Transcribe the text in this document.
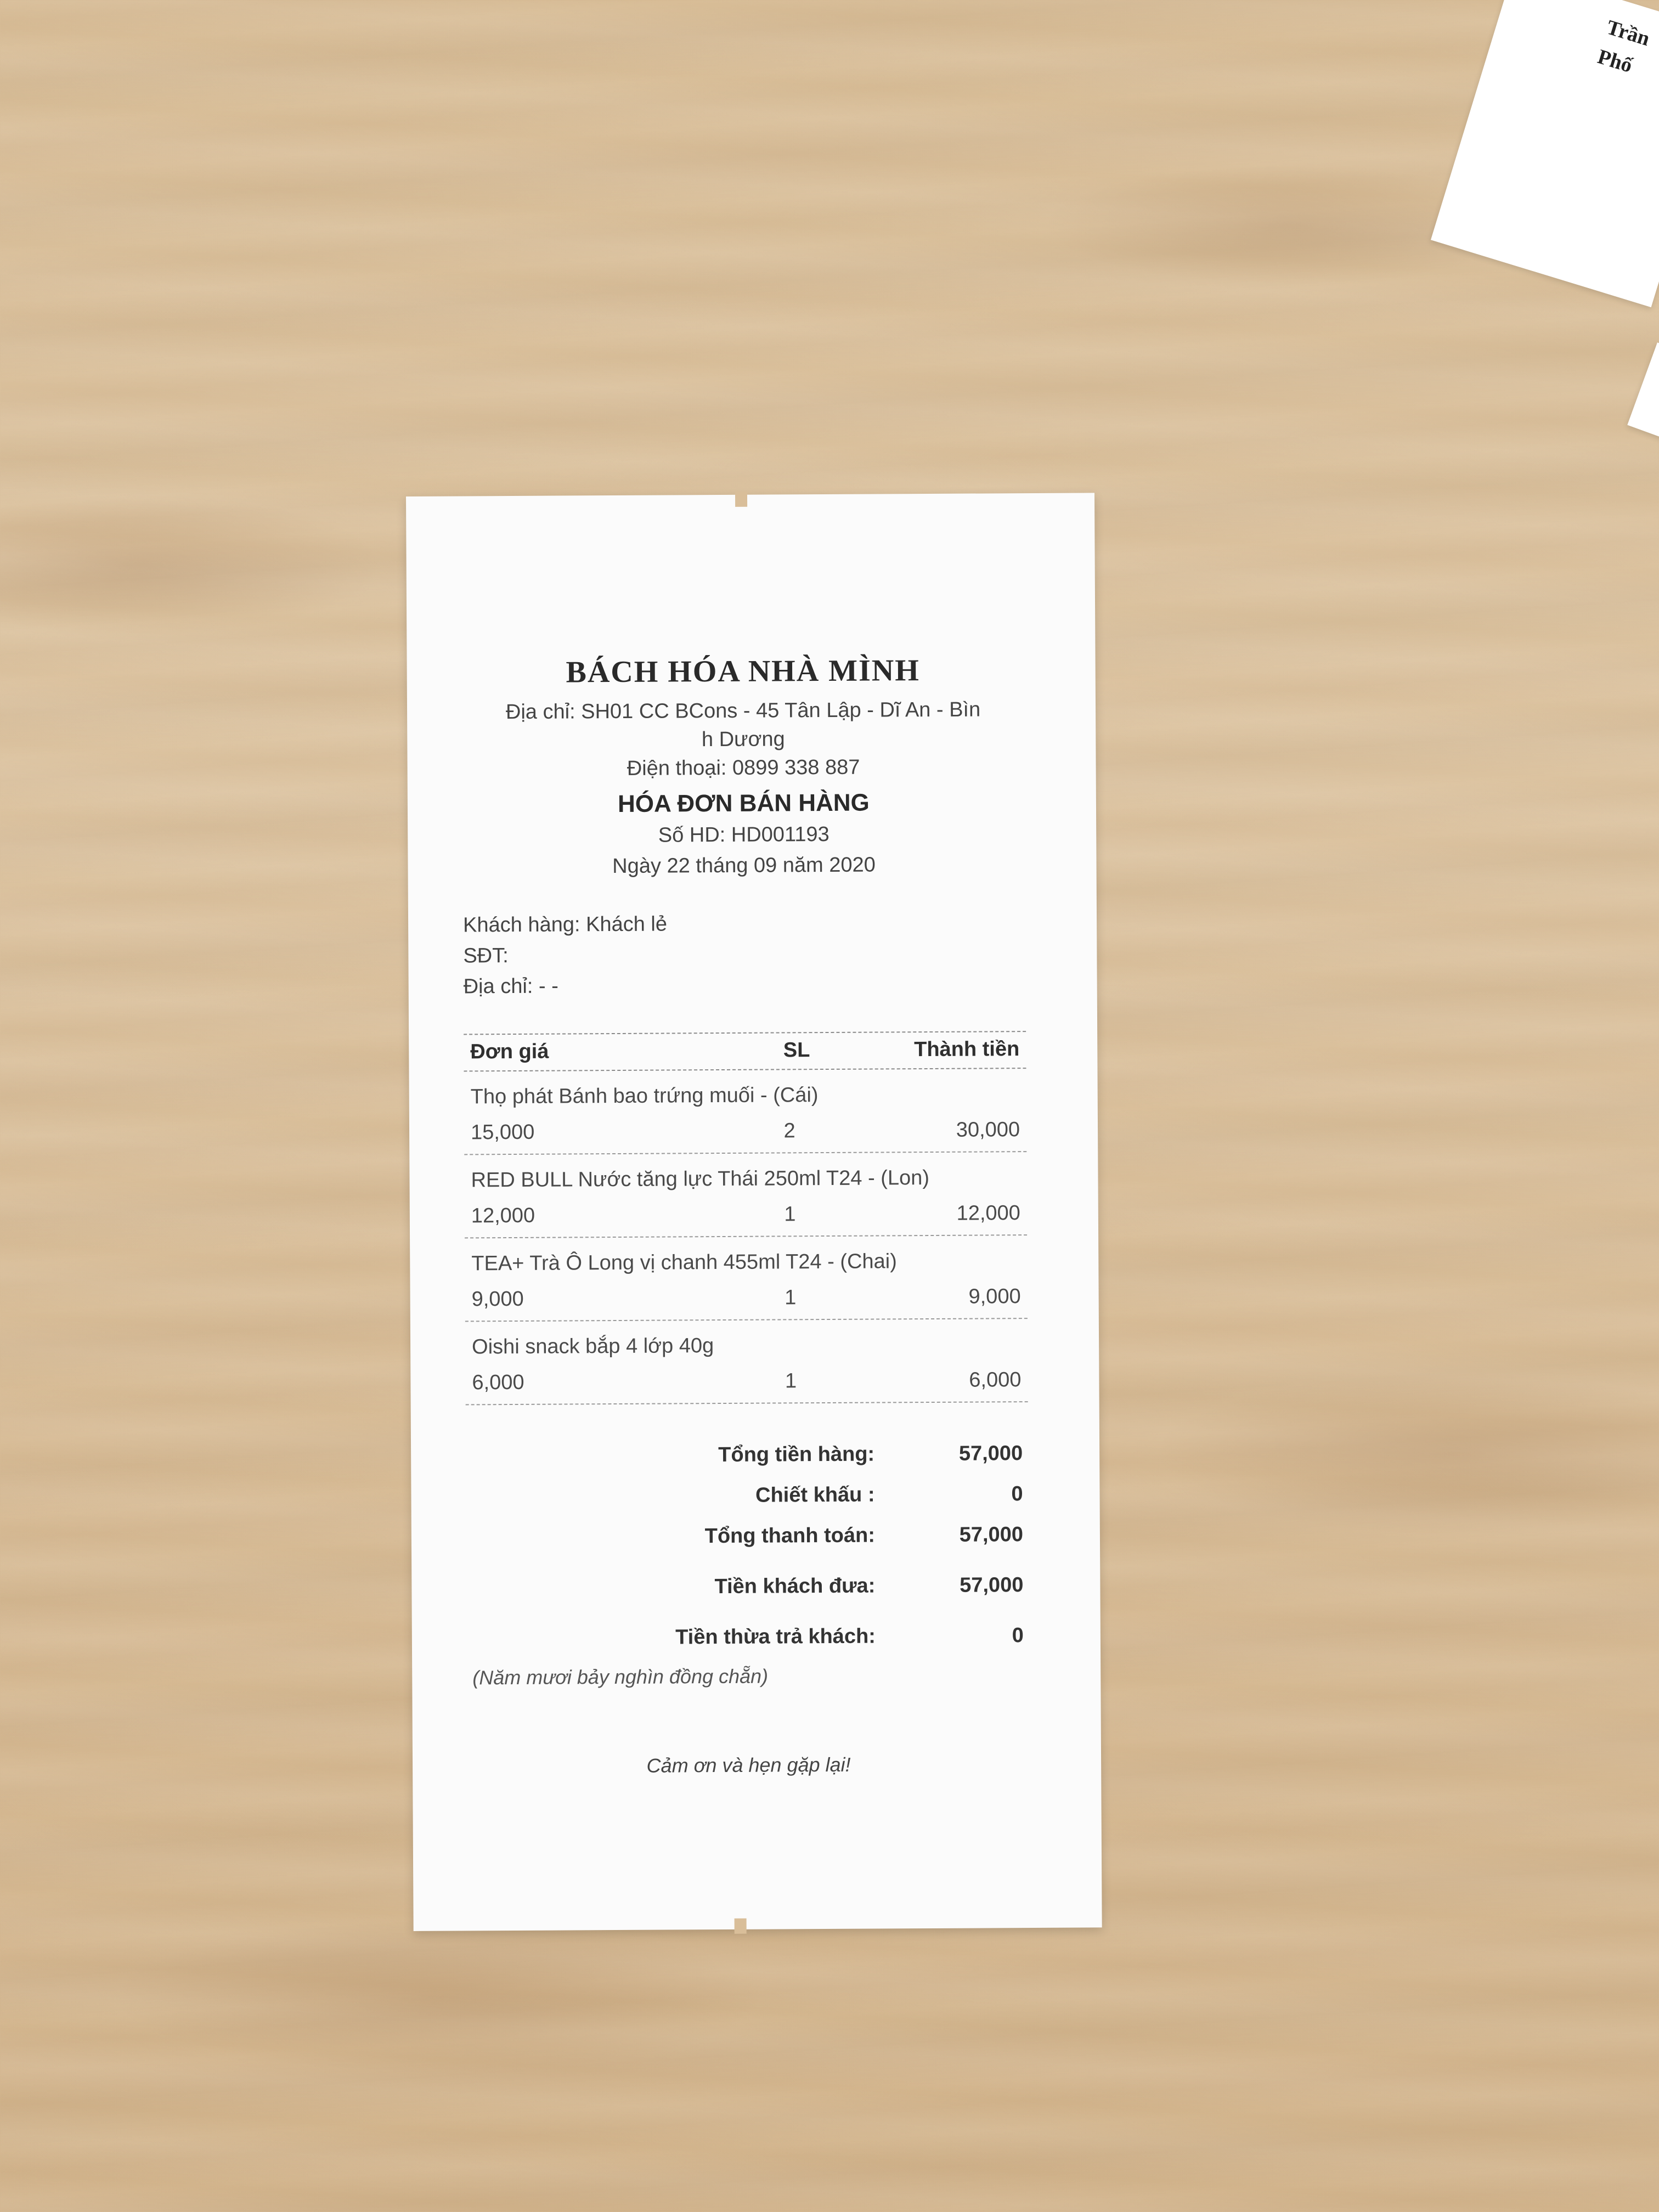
Trần
Phố
BÁCH HÓA NHÀ MÌNH
Địa chỉ: SH01 CC BCons - 45 Tân Lập - Dĩ An - Bìn
h Dương
Điện thoại: 0899 338 887
HÓA ĐƠN BÁN HÀNG
Số HD: HD001193
Ngày 22 tháng 09 năm 2020
Khách hàng: Khách lẻ
SĐT:
Địa chỉ: - -
Đơn giá	SL	Thành tiền
Thọ phát Bánh bao trứng muối - (Cái)
15,000	2	30,000
RED BULL Nước tăng lực Thái 250ml T24 - (Lon)
12,000	1	12,000
TEA+ Trà Ô Long vị chanh 455ml T24 - (Chai)
9,000	1	9,000
Oishi snack bắp 4 lớp 40g
6,000	1	6,000
Tổng tiền hàng:	57,000
Chiết khấu :	0
Tổng thanh toán:	57,000
Tiền khách đưa:	57,000
Tiền thừa trả khách:	0
(Năm mươi bảy nghìn đồng chẵn)
Cảm ơn và hẹn gặp lại!
